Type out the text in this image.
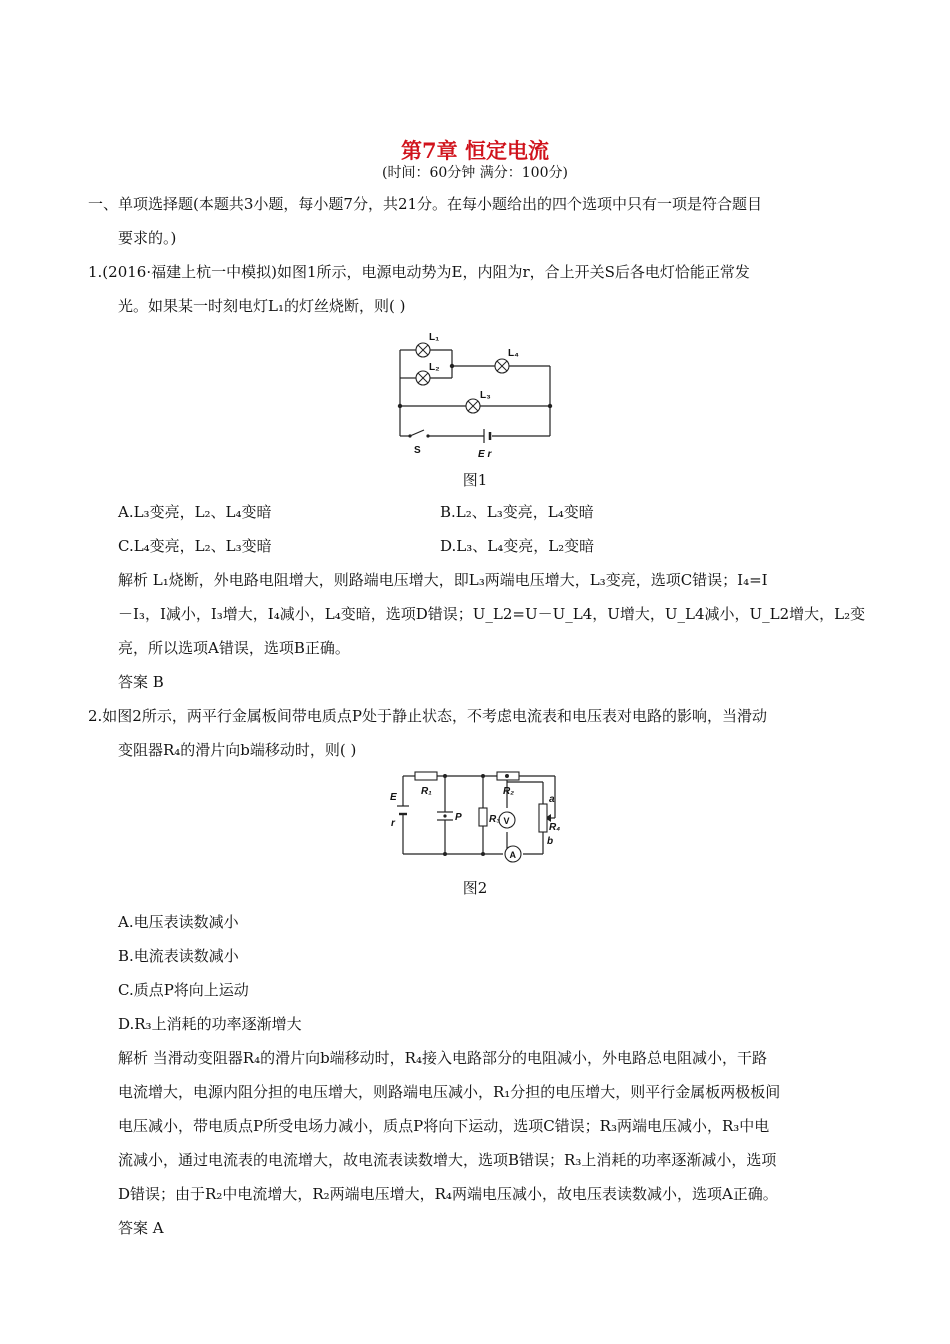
第7章 恒定电流
(时间：60分钟 满分：100分)
一、单项选择题(本题共3小题，每小题7分，共21分。在每小题给出的四个选项中只有一项是符合题目
要求的。)
1.(2016·福建上杭一中模拟)如图1所示，电源电动势为E，内阻为r，合上开关S后各电灯恰能正常发
光。如果某一时刻电灯L₁的灯丝烧断，则( )
L₁
L₂
L₄
L₃
S	E r
图1
A.L₃变亮，L₂、L₄变暗	B.L₂、L₃变亮，L₄变暗
C.L₄变亮，L₂、L₃变暗	D.L₃、L₄变亮，L₂变暗
解析 L₁烧断，外电路电阻增大，则路端电压增大，即L₃两端电压增大，L₃变亮，选项C错误；I₄=I
－I₃，I减小，I₃增大，I₄减小，L₄变暗，选项D错误；U_L2=U－U_L4，U增大，U_L4减小，U_L2增大，L₂变
亮，所以选项A错误，选项B正确。
答案 B
2.如图2所示，两平行金属板间带电质点P处于静止状态，不考虑电流表和电压表对电路的影响，当滑动
变阻器R₄的滑片向b端移动时，则( )
E
r
R₁	R₂
P	R₃
R₄
a
b
V
A
图2
A.电压表读数减小
B.电流表读数减小
C.质点P将向上运动
D.R₃上消耗的功率逐渐增大
解析 当滑动变阻器R₄的滑片向b端移动时，R₄接入电路部分的电阻减小，外电路总电阻减小，干路
电流增大，电源内阻分担的电压增大，则路端电压减小，R₁分担的电压增大，则平行金属板两极板间
电压减小，带电质点P所受电场力减小，质点P将向下运动，选项C错误；R₃两端电压减小，R₃中电
流减小，通过电流表的电流增大，故电流表读数增大，选项B错误；R₃上消耗的功率逐渐减小，选项
D错误；由于R₂中电流增大，R₂两端电压增大，R₄两端电压减小，故电压表读数减小，选项A正确。
答案 A
